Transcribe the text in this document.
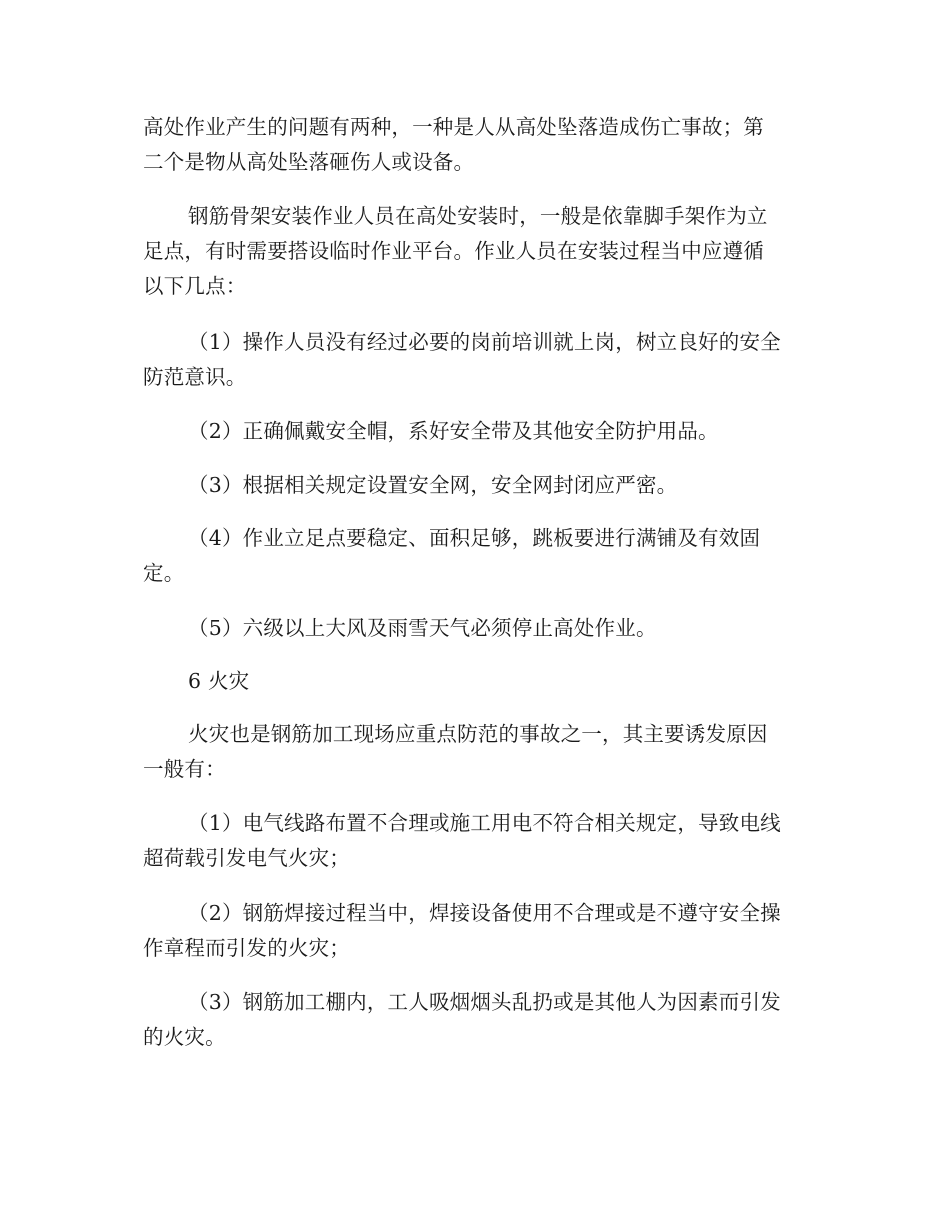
高处作业产生的问题有两种，一种是人从高处坠落造成伤亡事故；第
二个是物从高处坠落砸伤人或设备。

钢筋骨架安装作业人员在高处安装时，一般是依靠脚手架作为立
足点，有时需要搭设临时作业平台。作业人员在安装过程当中应遵循
以下几点：

（1）操作人员没有经过必要的岗前培训就上岗，树立良好的安全
防范意识。

（2）正确佩戴安全帽，系好安全带及其他安全防护用品。

（3）根据相关规定设置安全网，安全网封闭应严密。

（4）作业立足点要稳定、面积足够，跳板要进行满铺及有效固
定。

（5）六级以上大风及雨雪天气必须停止高处作业。

6 火灾

火灾也是钢筋加工现场应重点防范的事故之一，其主要诱发原因
一般有：

（1）电气线路布置不合理或施工用电不符合相关规定，导致电线
超荷载引发电气火灾；

（2）钢筋焊接过程当中，焊接设备使用不合理或是不遵守安全操
作章程而引发的火灾；

（3）钢筋加工棚内，工人吸烟烟头乱扔或是其他人为因素而引发
的火灾。
